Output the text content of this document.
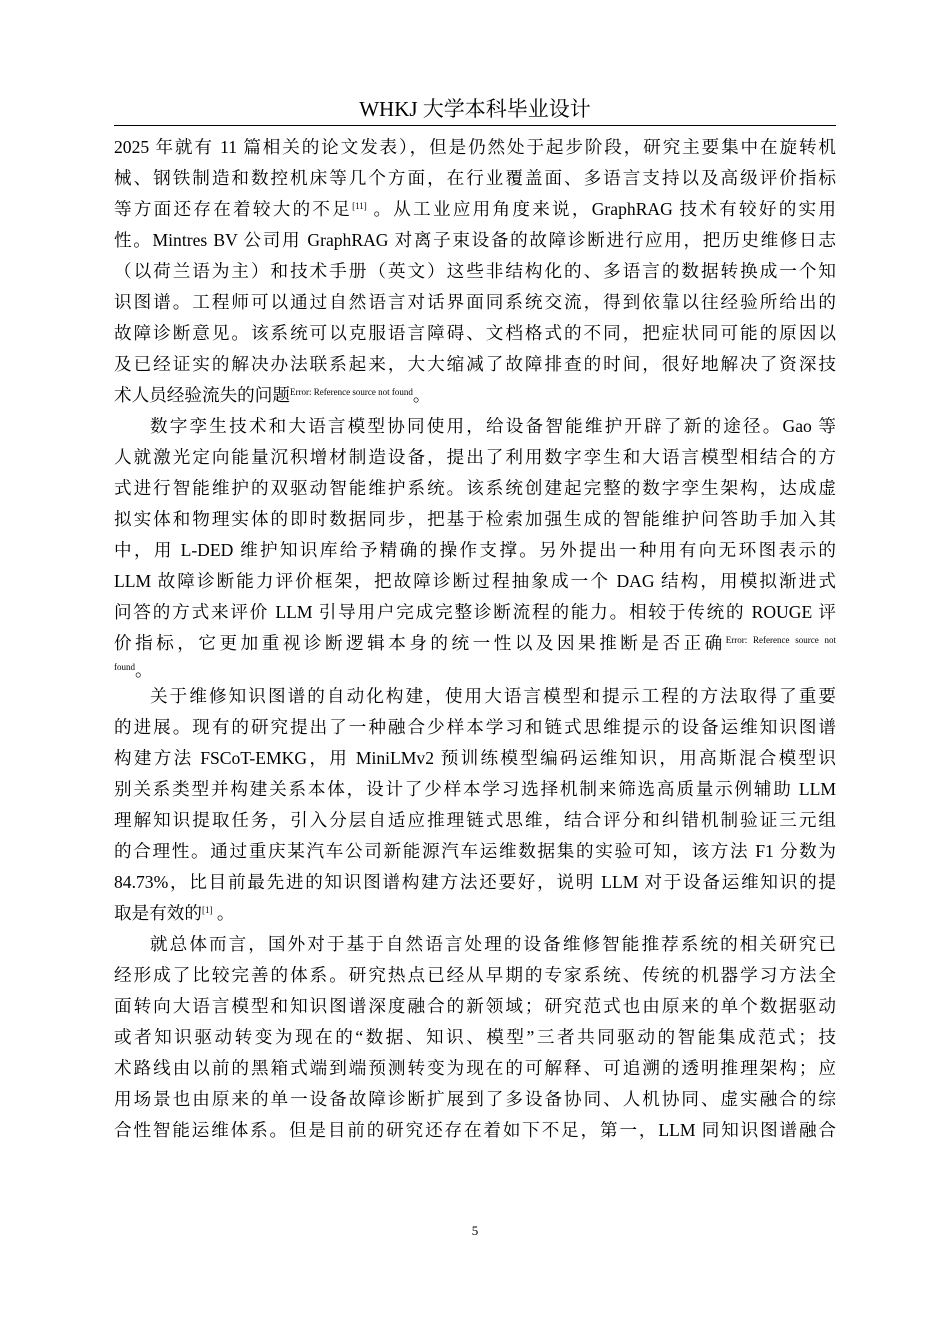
WHKJ 大学本科毕业设计
2025 年就有 11 篇相关的论文发表），但是仍然处于起步阶段，研究主要集中在旋转机
械、钢铁制造和数控机床等几个方面，在行业覆盖面、多语言支持以及高级评价指标
等方面还存在着较大的不足[11] 。从工业应用角度来说，GraphRAG 技术有较好的实用
性。Mintres BV 公司用 GraphRAG 对离子束设备的故障诊断进行应用，把历史维修日志
（以荷兰语为主）和技术手册（英文）这些非结构化的、多语言的数据转换成一个知
识图谱。工程师可以通过自然语言对话界面同系统交流，得到依靠以往经验所给出的
故障诊断意见。该系统可以克服语言障碍、文档格式的不同，把症状同可能的原因以
及已经证实的解决办法联系起来，大大缩减了故障排查的时间，很好地解决了资深技
术人员经验流失的问题$^{Error: Reference source not found}$。
数字孪生技术和大语言模型协同使用，给设备智能维护开辟了新的途径。Gao 等
人就激光定向能量沉积增材制造设备，提出了利用数字孪生和大语言模型相结合的方
式进行智能维护的双驱动智能维护系统。该系统创建起完整的数字孪生架构，达成虚
拟实体和物理实体的即时数据同步，把基于检索加强生成的智能维护问答助手加入其
中，用 L-DED 维护知识库给予精确的操作支撑。另外提出一种用有向无环图表示的
LLM 故障诊断能力评价框架，把故障诊断过程抽象成一个 DAG 结构，用模拟渐进式
问答的方式来评价 LLM 引导用户完成完整诊断流程的能力。相较于传统的 ROUGE 评
价指标，它更加重视诊断逻辑本身的统一性以及因果推断是否正确$^{Error: Reference source not}$
$^{found}$。
关于维修知识图谱的自动化构建，使用大语言模型和提示工程的方法取得了重要
的进展。现有的研究提出了一种融合少样本学习和链式思维提示的设备运维知识图谱
构建方法 FSCoT-EMKG，用 MiniLMv2 预训练模型编码运维知识，用高斯混合模型识
别关系类型并构建关系本体，设计了少样本学习选择机制来筛选高质量示例辅助 LLM
理解知识提取任务，引入分层自适应推理链式思维，结合评分和纠错机制验证三元组
的合理性。通过重庆某汽车公司新能源汽车运维数据集的实验可知，该方法 F1 分数为
84.73%，比目前最先进的知识图谱构建方法还要好，说明 LLM 对于设备运维知识的提
取是有效的[1] 。
就总体而言，国外对于基于自然语言处理的设备维修智能推荐系统的相关研究已
经形成了比较完善的体系。研究热点已经从早期的专家系统、传统的机器学习方法全
面转向大语言模型和知识图谱深度融合的新领域；研究范式也由原来的单个数据驱动
或者知识驱动转变为现在的“数据、知识、模型”三者共同驱动的智能集成范式；技
术路线由以前的黑箱式端到端预测转变为现在的可解释、可追溯的透明推理架构；应
用场景也由原来的单一设备故障诊断扩展到了多设备协同、人机协同、虚实融合的综
合性智能运维体系。但是目前的研究还存在着如下不足，第一，LLM 同知识图谱融合
5
